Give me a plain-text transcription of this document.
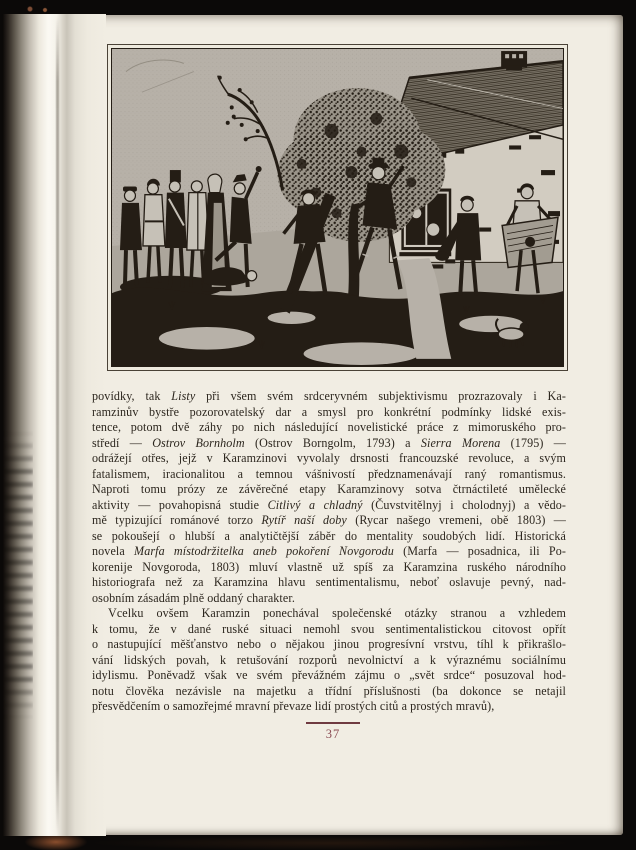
povídky, tak Listy při všem svém srdceryvném subjektivismu prozrazovaly i Ka-
ramzinův bystře pozorovatelský dar a smysl pro konkrétní podmínky lidské exis-
tence, potom dvě záhy po nich následující novelistické práce z mimoruského pro-
středí — Ostrov Bornholm (Ostrov Borngolm, 1793) a Sierra Morena (1795) —
odrážejí otřes, jejž v Karamzinovi vyvolaly drsnosti francouzské revoluce, a svým
fatalismem, iracionalitou a temnou vášnivostí předznamenávají raný romantismus.
Naproti tomu prózy ze závěrečné etapy Karamzinovy sotva čtrnáctileté umělecké
aktivity — povahopisná studie Citlivý a chladný (Čuvstvitělnyj i cholodnyj) a vědo-
mě typizující románové torzo Rytíř naší doby (Rycar našego vremeni, obě 1803) —
se pokoušejí o hlubší a analytičtější záběr do mentality soudobých lidí. Historická
novela Marfa místodržitelka aneb pokoření Novgorodu (Marfa — posadnica, ili Po-
korenije Novgoroda, 1803) mluví vlastně už spíš za Karamzina ruského národního
historiografa než za Karamzina hlavu sentimentalismu, neboť oslavuje pevný, nad-
osobním zásadám plně oddaný charakter.
Vcelku ovšem Karamzin ponechával společenské otázky stranou a vzhledem
k tomu, že v dané ruské situaci nemohl svou sentimentalistickou citovost opřít
o nastupující měšťanstvo nebo o nějakou jinou progresívní vrstvu, tíhl k přikrašlo-
vání lidských povah, k retušování rozporů nevolnictví a k výraznému sociálnímu
idylismu. Poněvadž však ve svém převážném zájmu o „svět srdce“ posuzoval hod-
notu člověka nezávisle na majetku a třídní příslušnosti (ba dokonce se netajil
přesvědčením o samozřejmé mravní převaze lidí prostých citů a prostých mravů),
37
